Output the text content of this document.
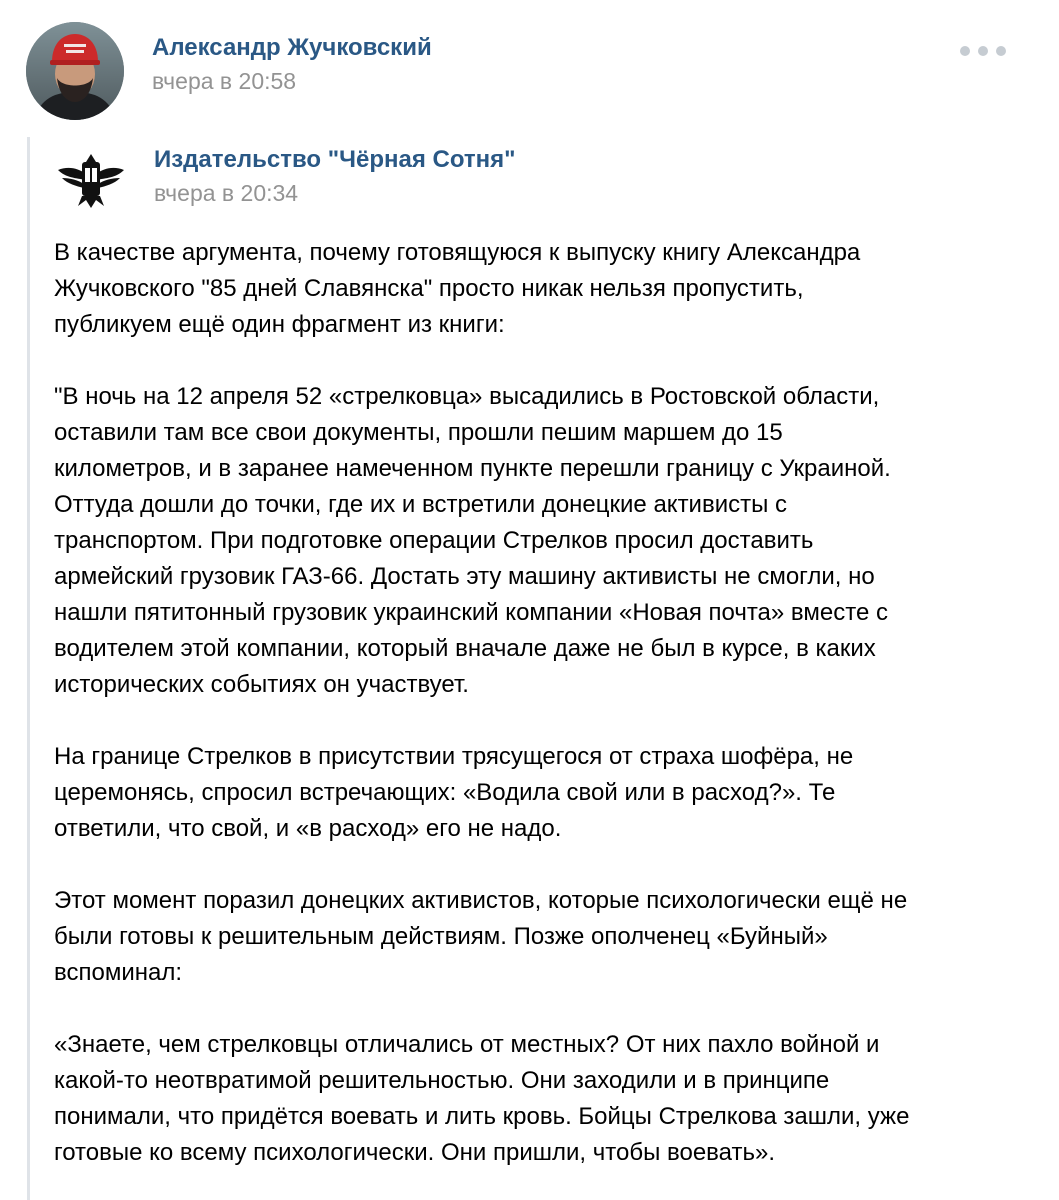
Александр Жучковский
вчера в 20:58
Издательство "Чёрная Сотня"
вчера в 20:34

В качестве аргумента, почему готовящуюся к выпуску книгу Александра
Жучковского "85 дней Славянска" просто никак нельзя пропустить,
публикуем ещё один фрагмент из книги:

"В ночь на 12 апреля 52 «стрелковца» высадились в Ростовской области,
оставили там все свои документы, прошли пешим маршем до 15
километров, и в заранее намеченном пункте перешли границу с Украиной.
Оттуда дошли до точки, где их и встретили донецкие активисты с
транспортом. При подготовке операции Стрелков просил доставить
армейский грузовик ГАЗ-66. Достать эту машину активисты не смогли, но
нашли пятитонный грузовик украинский компании «Новая почта» вместе с
водителем этой компании, который вначале даже не был в курсе, в каких
исторических событиях он участвует.

На границе Стрелков в присутствии трясущегося от страха шофёра, не
церемонясь, спросил встречающих: «Водила свой или в расход?». Те
ответили, что свой, и «в расход» его не надо.

Этот момент поразил донецких активистов, которые психологически ещё не
были готовы к решительным действиям. Позже ополченец «Буйный»
вспоминал:

«Знаете, чем стрелковцы отличались от местных? От них пахло войной и
какой-то неотвратимой решительностью. Они заходили и в принципе
понимали, что придётся воевать и лить кровь. Бойцы Стрелкова зашли, уже
готовые ко всему психологически. Они пришли, чтобы воевать».
